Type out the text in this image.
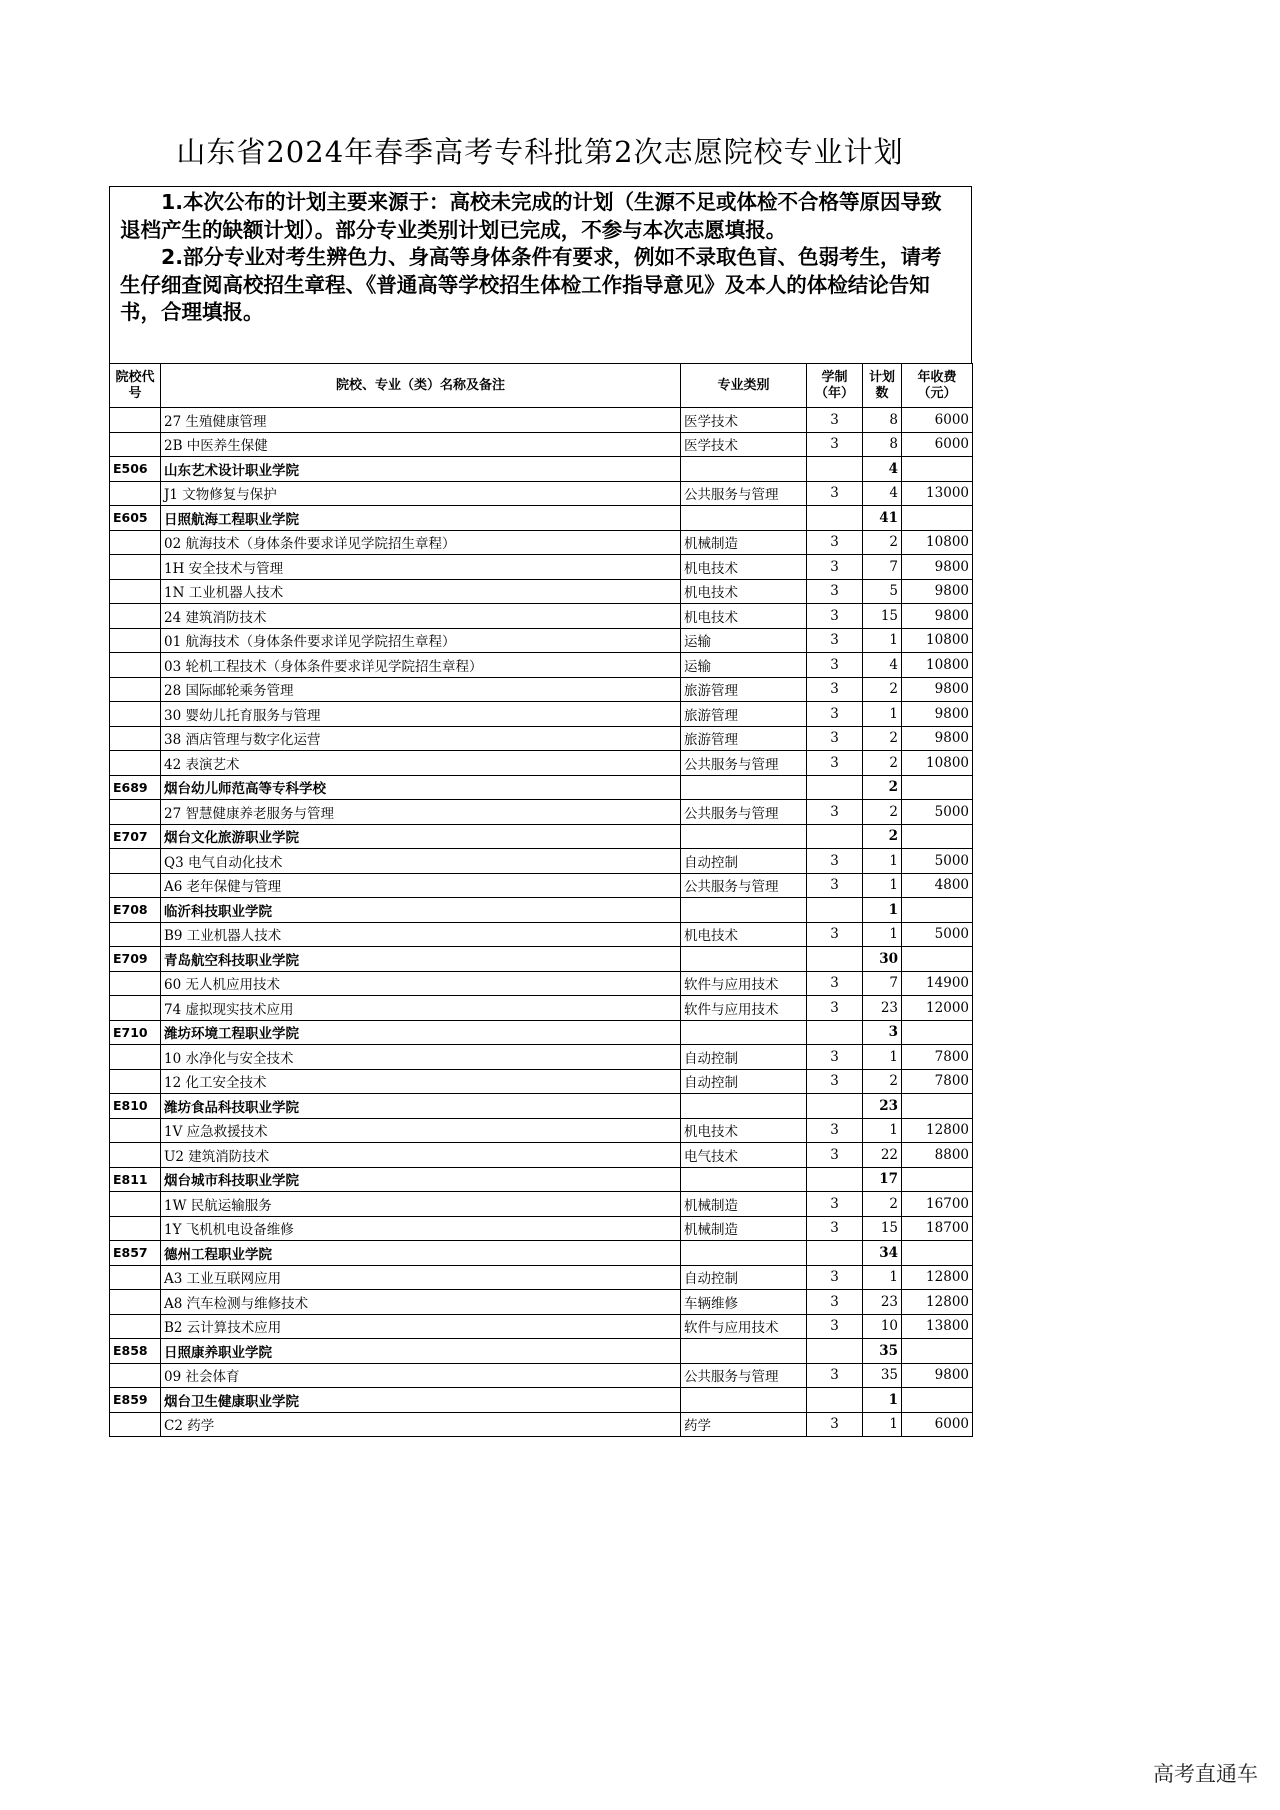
山东省2024年春季高考专科批第2次志愿院校专业计划

1.本次公布的计划主要来源于：高校未完成的计划（生源不足或体检不合格等原因导致退档产生的缺额计划）。部分专业类别计划已完成，不参与本次志愿填报。

2.部分专业对考生辨色力、身高等身体条件有要求，例如不录取色盲、色弱考生，请考生仔细查阅高校招生章程、《普通高等学校招生体检工作指导意见》及本人的体检结论告知书，合理填报。

院校代号	院校、专业（类）名称及备注	专业类别	学制（年）	计划数	年收费（元）
	27 生殖健康管理	医学技术	3	8	6000
	2B 中医养生保健	医学技术	3	8	6000
E506	山东艺术设计职业学院			4	
	J1 文物修复与保护	公共服务与管理	3	4	13000
E605	日照航海工程职业学院			41	
	02 航海技术（身体条件要求详见学院招生章程）	机械制造	3	2	10800
	1H 安全技术与管理	机电技术	3	7	9800
	1N 工业机器人技术	机电技术	3	5	9800
	24 建筑消防技术	机电技术	3	15	9800
	01 航海技术（身体条件要求详见学院招生章程）	运输	3	1	10800
	03 轮机工程技术（身体条件要求详见学院招生章程）	运输	3	4	10800
	28 国际邮轮乘务管理	旅游管理	3	2	9800
	30 婴幼儿托育服务与管理	旅游管理	3	1	9800
	38 酒店管理与数字化运营	旅游管理	3	2	9800
	42 表演艺术	公共服务与管理	3	2	10800
E689	烟台幼儿师范高等专科学校			2	
	27 智慧健康养老服务与管理	公共服务与管理	3	2	5000
E707	烟台文化旅游职业学院			2	
	Q3 电气自动化技术	自动控制	3	1	5000
	A6 老年保健与管理	公共服务与管理	3	1	4800
E708	临沂科技职业学院			1	
	B9 工业机器人技术	机电技术	3	1	5000
E709	青岛航空科技职业学院			30	
	60 无人机应用技术	软件与应用技术	3	7	14900
	74 虚拟现实技术应用	软件与应用技术	3	23	12000
E710	潍坊环境工程职业学院			3	
	10 水净化与安全技术	自动控制	3	1	7800
	12 化工安全技术	自动控制	3	2	7800
E810	潍坊食品科技职业学院			23	
	1V 应急救援技术	机电技术	3	1	12800
	U2 建筑消防技术	电气技术	3	22	8800
E811	烟台城市科技职业学院			17	
	1W 民航运输服务	机械制造	3	2	16700
	1Y 飞机机电设备维修	机械制造	3	15	18700
E857	德州工程职业学院			34	
	A3 工业互联网应用	自动控制	3	1	12800
	A8 汽车检测与维修技术	车辆维修	3	23	12800
	B2 云计算技术应用	软件与应用技术	3	10	13800
E858	日照康养职业学院			35	
	09 社会体育	公共服务与管理	3	35	9800
E859	烟台卫生健康职业学院			1	
	C2 药学	药学	3	1	6000
高考直通车
